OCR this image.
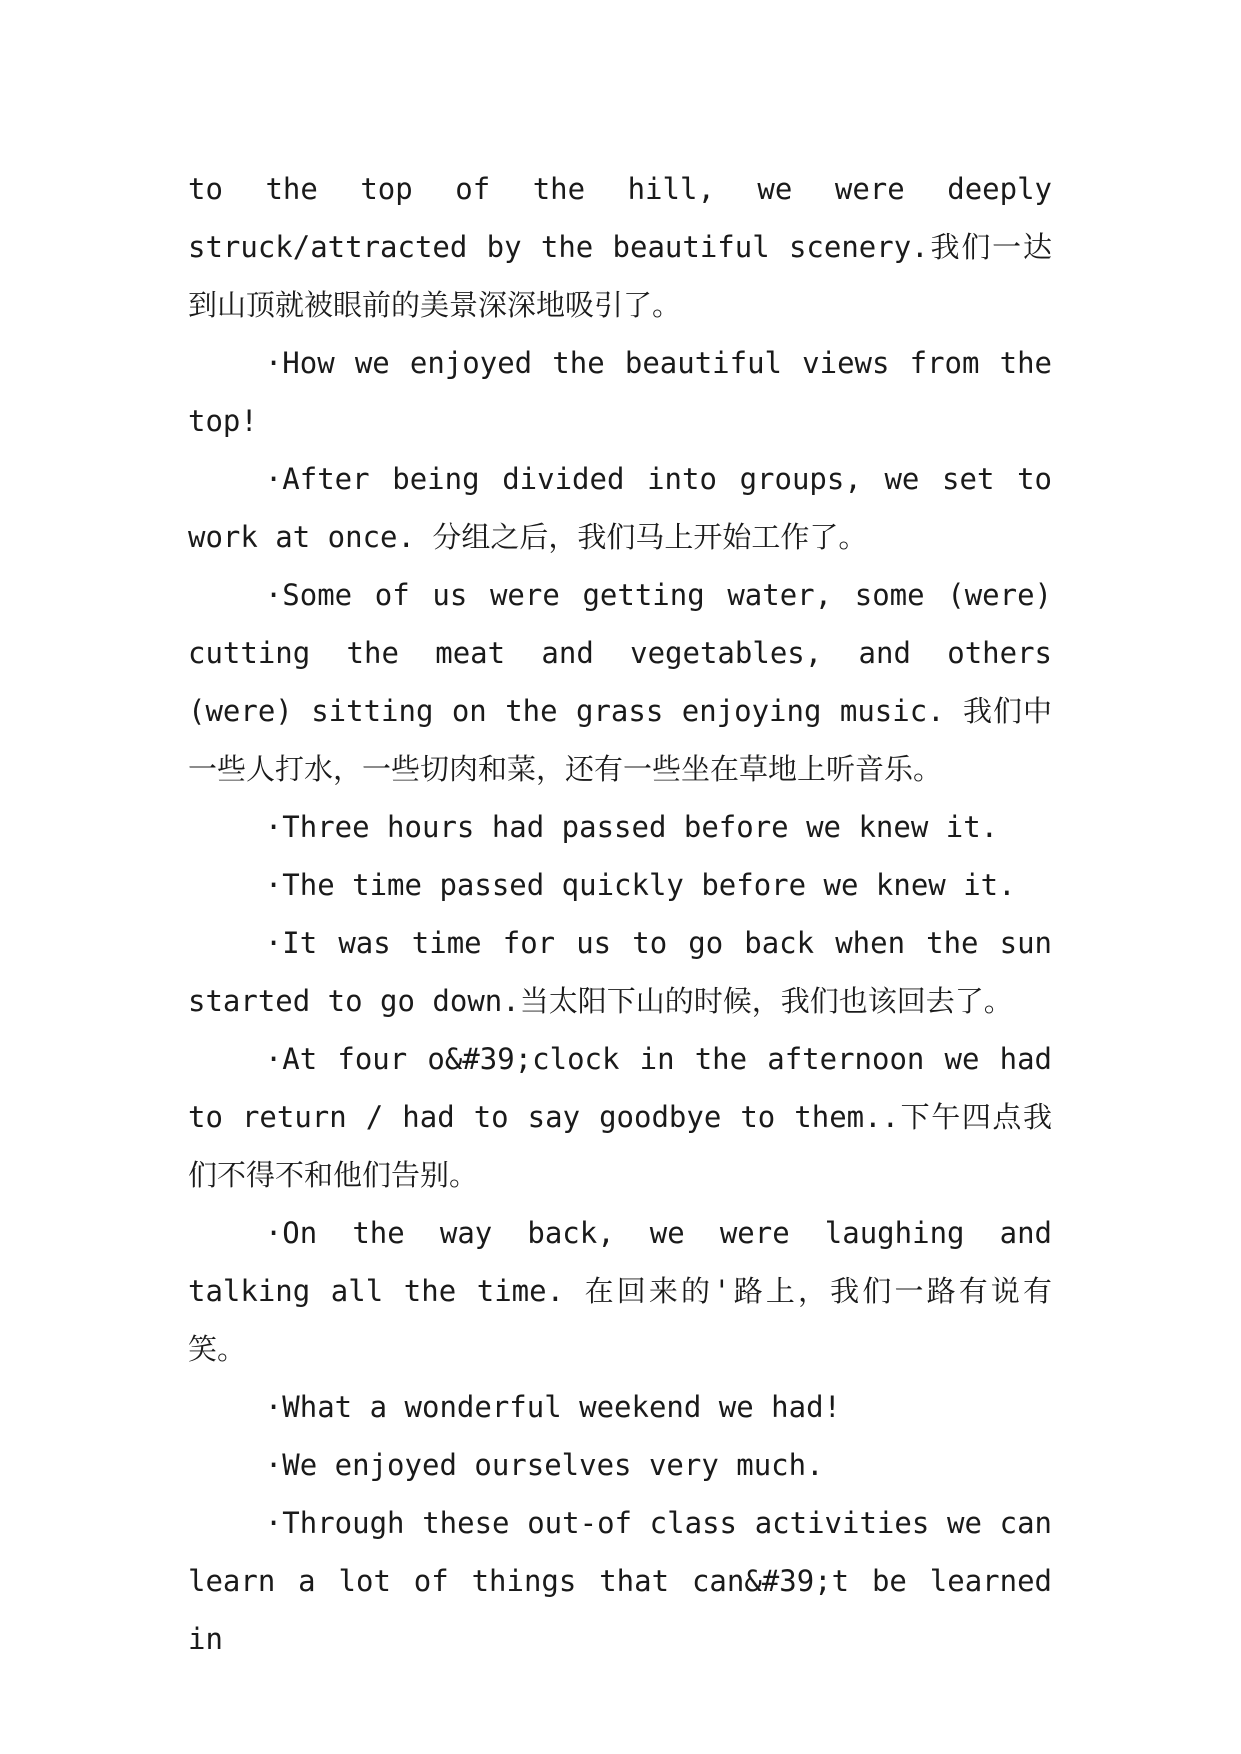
to the top of the hill, we were deeply struck/attracted by the beautiful scenery.我们一达到山顶就被眼前的美景深深地吸引了。

·How we enjoyed the beautiful views from the top!

·After being divided into groups, we set to work at once. 分组之后，我们马上开始工作了。

·Some of us were getting water, some (were) cutting the meat and vegetables, and others (were) sitting on the grass enjoying music. 我们中一些人打水，一些切肉和菜，还有一些坐在草地上听音乐。

·Three hours had passed before we knew it.

·The time passed quickly before we knew it.

·It was time for us to go back when the sun started to go down.当太阳下山的时候，我们也该回去了。

·At four o&#39;clock in the afternoon we had to return / had to say goodbye to them..下午四点我们不得不和他们告别。

·On the way back, we were laughing and talking all the time. 在回来的'路上，我们一路有说有笑。

·What a wonderful weekend we had!

·We enjoyed ourselves very much.

·Through these out-of class activities we can learn a lot of things that can&#39;t be learned in
